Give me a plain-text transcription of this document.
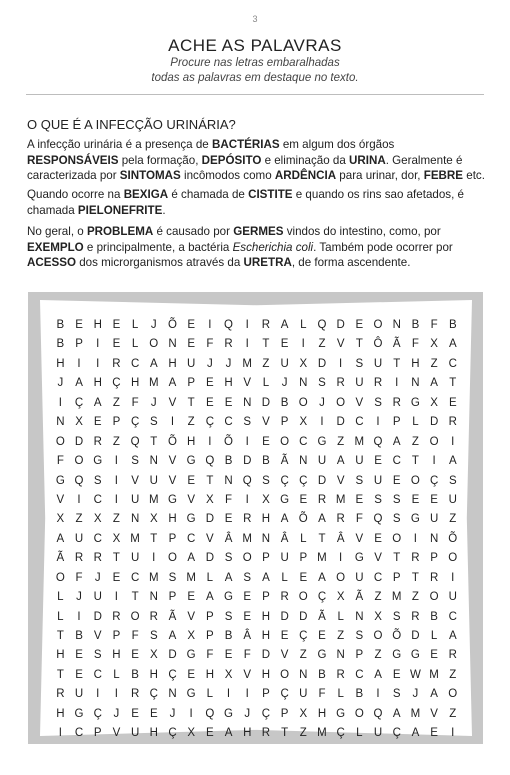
3
ACHE AS PALAVRAS
Procure nas letras embaralhadas
todas as palavras em destaque no texto.
O QUE É A INFECÇÃO URINÁRIA?
A infecção urinária é a presença de BACTÉRIAS em algum dos órgãos RESPONSÁVEIS pela formação, DEPÓSITO e eliminação da URINA. Geralmente é caracterizada por SINTOMAS incômodos como ARDÊNCIA para urinar, dor, FEBRE etc.
Quando ocorre na BEXIGA é chamada de CISTITE e quando os rins sao afetados, é chamada PIELONEFRITE.
No geral, o PROBLEMA é causado por GERMES vindos do intestino, como, por EXEMPLO e principalmente, a bactéria Escherichia coli. Também pode ocorrer por ACESSO dos microrganismos através da URETRA, de forma ascendente.
B E H E	L	J Õ E	I	Q	I	R A	L Q D E O N B F B
B P	I	E	L O N E F R	I	T E	I	Z V T Ô Ã F X A
H	I	I	R C A H U	J	J M Z U X D	I	S U T H Z C
J	A H Ç H M A P E H V	L	J	N S R U R	I	N A T
I	Ç A Z	F	J	V T E E N D B O J O V S R G X E
N X E P Ç S	I	Z Ç C S V P X	I	D C	I	P	L D R
O D R Z Q T Õ H	I	Õ	I	E O C G Z M Q A Z O	I
F O G	I	S N V G Q B D B Ã N U A U E C T	I	A
G Q S	I	V U V E T N Q S Ç Ç D V S U E O Ç S
V	I	C	I	U M G V X F	I	X G E R M E S S E E U
X Z X Z N X H G D E R H A Õ A R F Q S G U Z
A U C X M T P C V Â M N Â	L	T Â V E O	I	N Õ
Ã R R T U	I	O A D S O P U P M	I	G V T R P O
O F	J	E C M S M L	A S A	L	E A O U C P T R	I
L	J	U	I	T N P E A G E P R O Ç X Ã Z M Z O U
L	I	D R O R Ã V P S E H D D Ã	L N X S R B C
T B V P F S A X P B Â H E Ç E Z S O Õ D L	A
H E S H E X D G F E F D V Z G N P Z G G E R
T E C L	B H Ç E H X V H O N B R C A E W M Z
R U	I	I	R Ç N G L	I	I	P Ç U F	L	B	I	S	J	A O
H G Ç	J	E E	J	I	Q G J	Ç P X H G O Q A M V Z
I	C P V U H Ç X E A H R T	Z M Ç L U Ç A E	I
